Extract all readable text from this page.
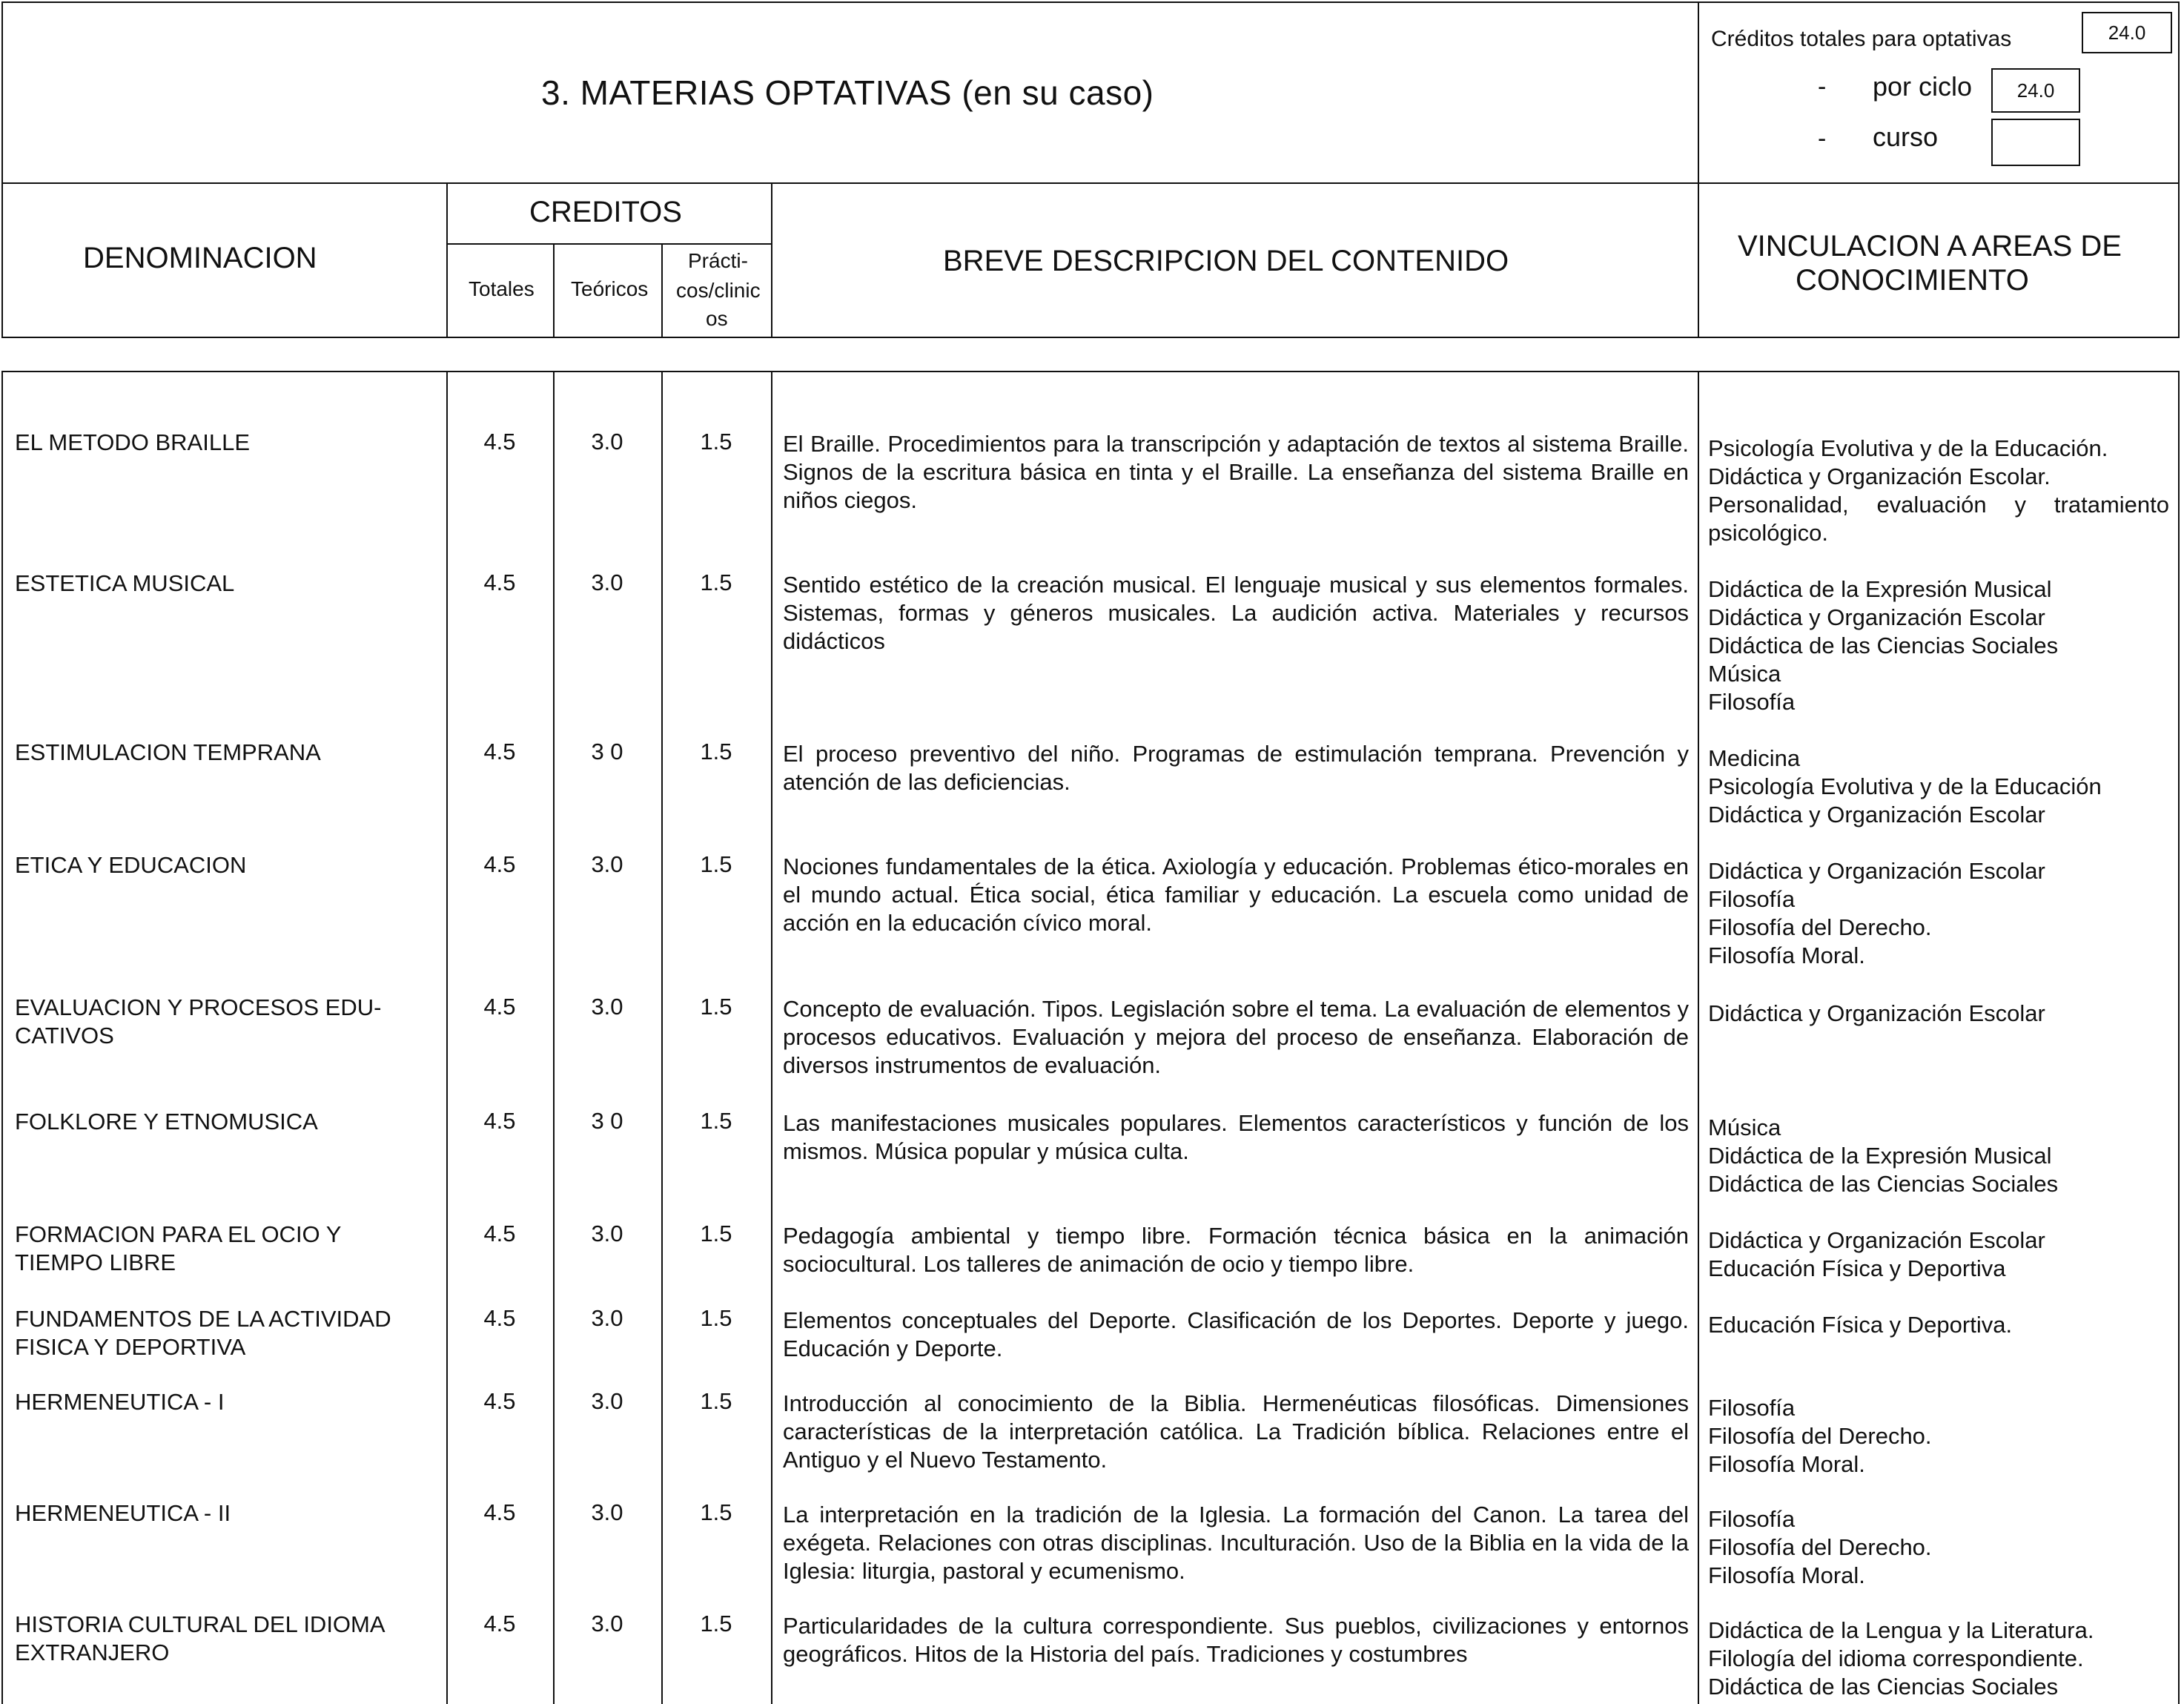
3. MATERIAS OPTATIVAS (en su caso)
Créditos totales para optativas	24.0
- por ciclo	24.0
- curso
DENOMINACION
CREDITOS
Totales Teóricos
Prácti-
cos/clinic
os
BREVE DESCRIPCION DEL CONTENIDO	VINCULACION A AREAS DE
CONOCIMIENTO
EL METODO BRAILLE	4.5	3.0	1.5	El Braille. Procedimientos para la transcripción y adaptación de textos al sistema Braille. Signos de la escritura básica en tinta y el Braille. La enseñanza del sistema Braille en niños ciegos.
Psicología Evolutiva y de la Educación.
Didáctica y Organización Escolar.
Personalidad, evaluación y tratamiento psicológico.
ESTETICA MUSICAL	4.5	3.0	1.5	Sentido estético de la creación musical. El lenguaje musical y sus elementos formales. Sistemas, formas y géneros musicales. La audición activa. Materiales y recursos didácticos
Didáctica de la Expresión Musical
Didáctica y Organización Escolar
Didáctica de las Ciencias Sociales
Música
Filosofía
ESTIMULACION TEMPRANA	4.5	3 0	1.5	El proceso preventivo del niño. Programas de estimulación temprana. Prevención y atención de las deficiencias.
Medicina
Psicología Evolutiva y de la Educación
Didáctica y Organización Escolar
ETICA Y EDUCACION	4.5	3.0	1.5	Nociones fundamentales de la ética. Axiología y educación. Problemas ético-morales en el mundo actual. Ética social, ética familiar y educación. La escuela como unidad de acción en la educación cívico moral.
Didáctica y Organización Escolar
Filosofía
Filosofía del Derecho.
Filosofía Moral.
EVALUACION Y PROCESOS EDU-
CATIVOS
4.5	3.0	1.5	Concepto de evaluación. Tipos. Legislación sobre el tema. La evaluación de elementos y procesos educativos. Evaluación y mejora del proceso de enseñanza. Elaboración de diversos instrumentos de evaluación.
Didáctica y Organización Escolar
FOLKLORE Y ETNOMUSICA	4.5	3 0	1.5	Las manifestaciones musicales populares. Elementos característicos y función de los mismos. Música popular y música culta.
Música
Didáctica de la Expresión Musical
Didáctica de las Ciencias Sociales
FORMACION PARA EL OCIO Y
TIEMPO LIBRE
4.5	3.0	1.5	Pedagogía ambiental y tiempo libre. Formación técnica básica en la animación sociocultural. Los talleres de animación de ocio y tiempo libre.
Didáctica y Organización Escolar
Educación Física y Deportiva
FUNDAMENTOS DE LA ACTIVIDAD
FISICA Y DEPORTIVA
4.5	3.0	1.5	Elementos conceptuales del Deporte. Clasificación de los Deportes. Deporte y juego. Educación y Deporte.
Educación Física y Deportiva.
HERMENEUTICA - I	4.5	3.0	1.5	Introducción al conocimiento de la Biblia. Hermenéuticas filosóficas. Dimensiones características de la interpretación católica. La Tradición bíblica. Relaciones entre el Antiguo y el Nuevo Testamento.
Filosofía
Filosofía del Derecho.
Filosofía Moral.
HERMENEUTICA - II	4.5	3.0	1.5	La interpretación en la tradición de la Iglesia. La formación del Canon. La tarea del exégeta. Relaciones con otras disciplinas. Inculturación. Uso de la Biblia en la vida de la Iglesia: liturgia, pastoral y ecumenismo.
Filosofía
Filosofía del Derecho.
Filosofía Moral.
HISTORIA CULTURAL DEL IDIOMA
EXTRANJERO
4.5	3.0	1.5	Particularidades de la cultura correspondiente. Sus pueblos, civilizaciones y entornos geográficos. Hitos de la Historia del país. Tradiciones y costumbres
Didáctica de la Lengua y la Literatura.
Filología del idioma correspondiente.
Didáctica de las Ciencias Sociales
